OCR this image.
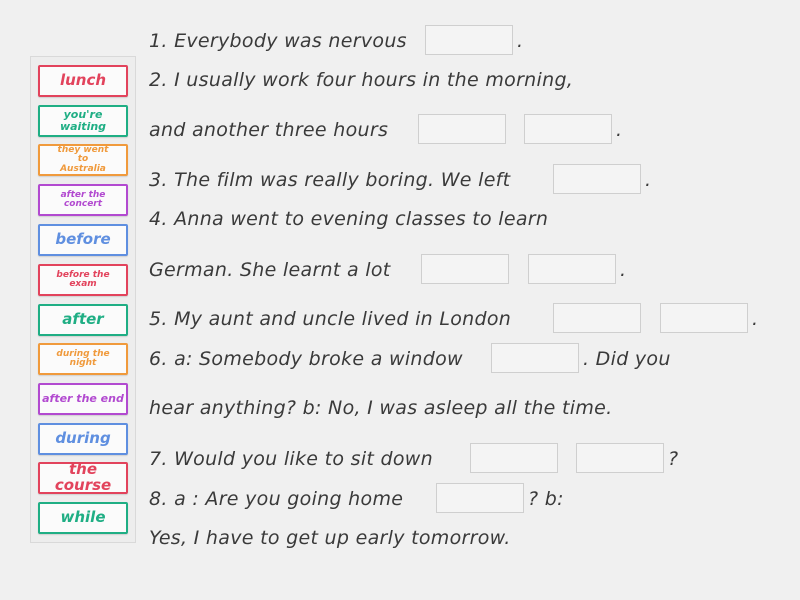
lunch
you're waiting
they went to Australia
after the concert
before
before the exam
after
during the night
after the end
during
the course
while
1. Everybody was nervous	.
2. I usually work four hours in the morning,
and another three hours	.
3. The film was really boring. We left	.
4. Anna went to evening classes to learn
German. She learnt a lot	.
5. My aunt and uncle lived in London	.
6. a: Somebody broke a window	. Did you
hear anything? b: No, I was asleep all the time.
7. Would you like to sit down	?
8. a : Are you going home	? b:
Yes, I have to get up early tomorrow.
